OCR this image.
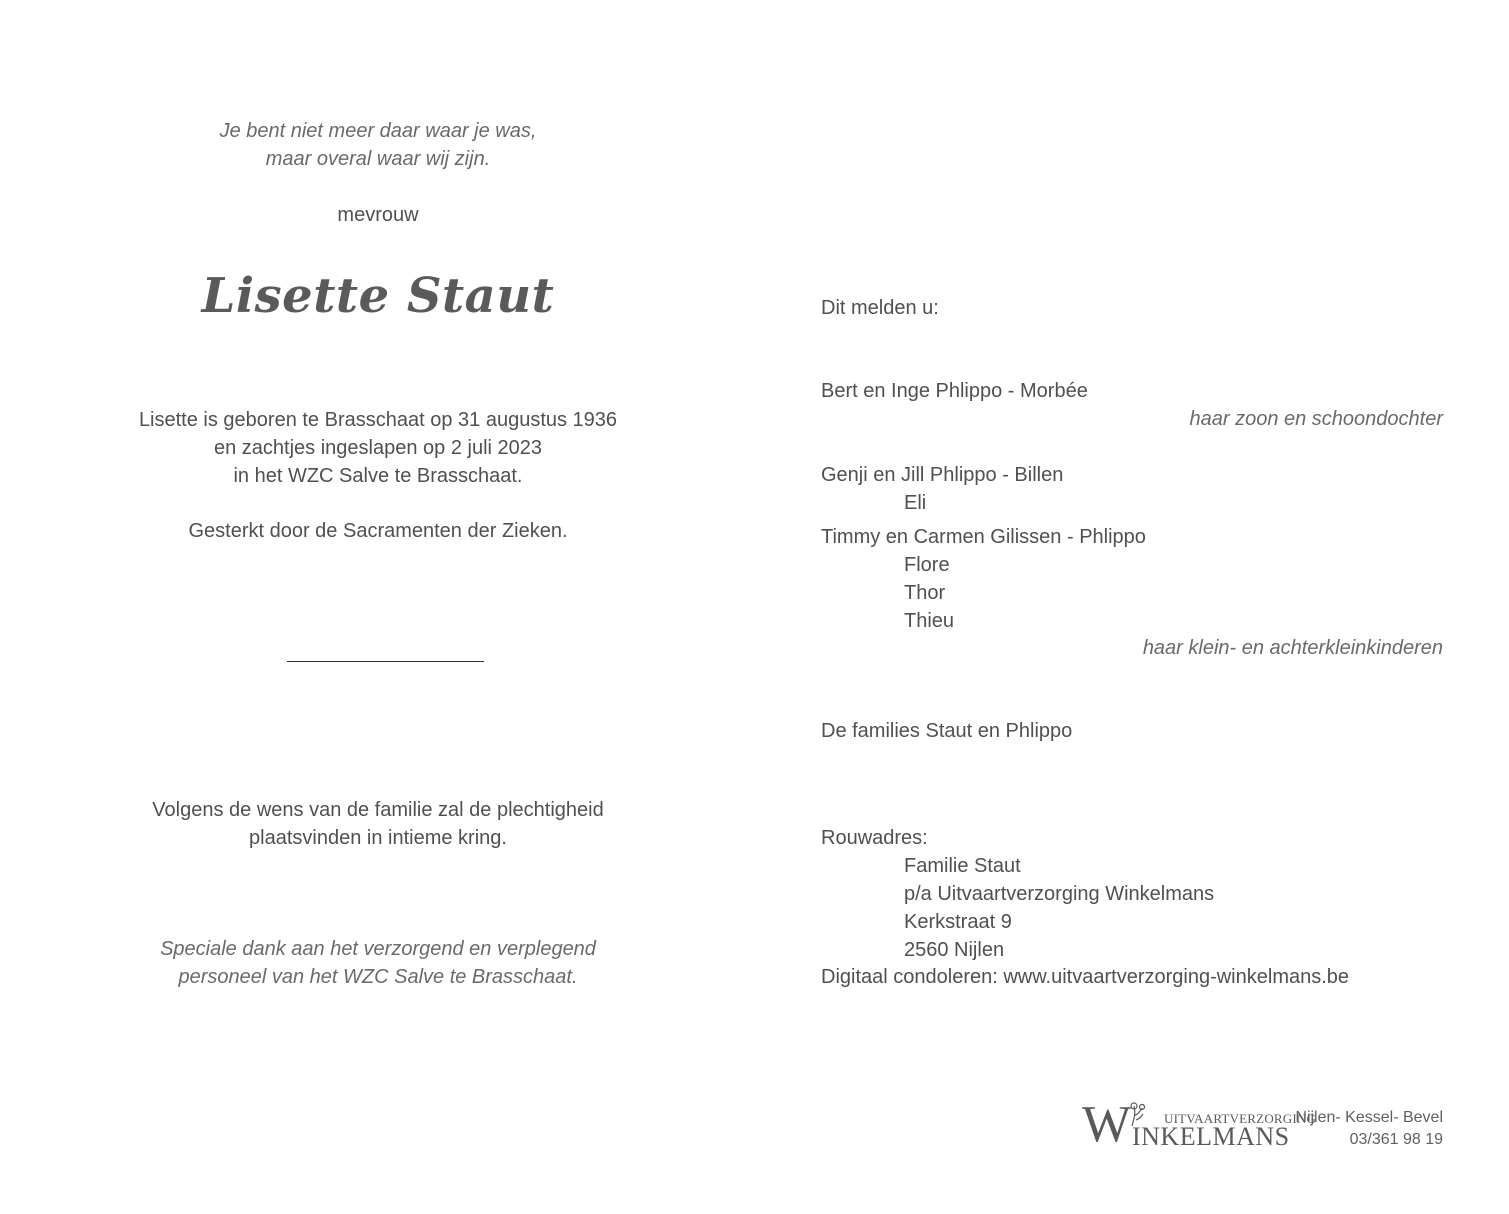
Je bent niet meer daar waar je was,
maar overal waar wij zijn.
mevrouw
Lisette Staut
Lisette is geboren te Brasschaat op 31 augustus 1936
en zachtjes ingeslapen op 2 juli 2023
in het WZC Salve te Brasschaat.
Gesterkt door de Sacramenten der Zieken.
Volgens de wens van de familie zal de plechtigheid
plaatsvinden in intieme kring.
Speciale dank aan het verzorgend en verplegend
personeel van het WZC Salve te Brasschaat.
Dit melden u:
Bert en Inge Phlippo - Morbée
haar zoon en schoondochter
Genji en Jill Phlippo - Billen
Eli
Timmy en Carmen Gilissen - Phlippo
Flore
Thor
Thieu
haar klein- en achterkleinkinderen
De families Staut en Phlippo
Rouwadres:
Familie Staut
p/a Uitvaartverzorging Winkelmans
Kerkstraat 9
2560 Nijlen
Digitaal condoleren: www.uitvaartverzorging-winkelmans.be
W	UITVAARTVERZORGING
INKELMANS
Nijlen- Kessel- Bevel
03/361 98 19
